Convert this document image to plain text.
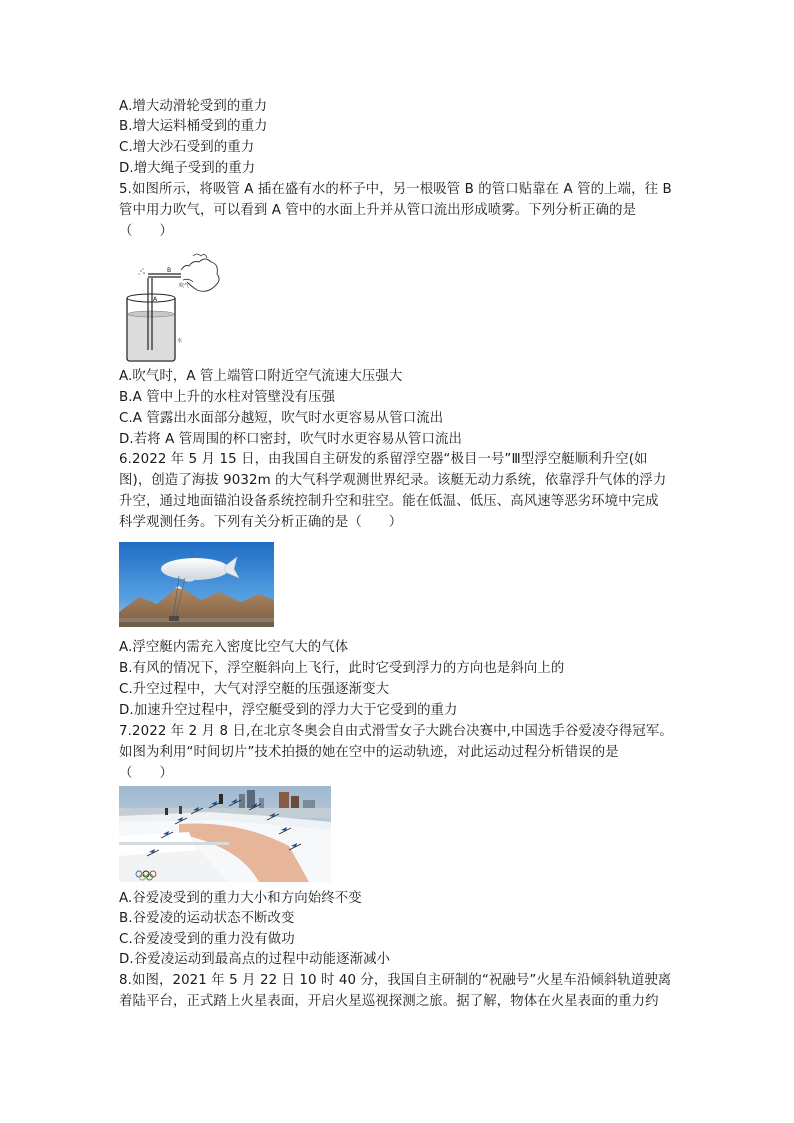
A.增大动滑轮受到的重力
B.增大运料桶受到的重力
C.增大沙石受到的重力
D.增大绳子受到的重力
5.如图所示，将吸管 A 插在盛有水的杯子中，另一根吸管 B 的管口贴靠在 A 管的上端，往 B
管中用力吹气，可以看到 A 管中的水面上升并从管口流出形成喷雾。下列分析正确的是
（　　）
B
A
吹气
水
A.吹气时，A 管上端管口附近空气流速大压强大
B.A 管中上升的水柱对管壁没有压强
C.A 管露出水面部分越短，吹气时水更容易从管口流出
D.若将 A 管周围的杯口密封，吹气时水更容易从管口流出
6.2022 年 5 月 15 日，由我国自主研发的系留浮空器“极目一号”Ⅲ型浮空艇顺利升空(如
图)，创造了海拔 9032m 的大气科学观测世界纪录。该艇无动力系统，依靠浮升气体的浮力
升空，通过地面锚泊设备系统控制升空和驻空。能在低温、低压、高风速等恶劣环境中完成
科学观测任务。下列有关分析正确的是（　　）
A.浮空艇内需充入密度比空气大的气体
B.有风的情况下，浮空艇斜向上飞行，此时它受到浮力的方向也是斜向上的
C.升空过程中，大气对浮空艇的压强逐渐变大
D.加速升空过程中，浮空艇受到的浮力大于它受到的重力
7.2022 年 2 月 8 日,在北京冬奥会自由式滑雪女子大跳台决赛中,中国选手谷爱凌夺得冠军。
如图为利用“时间切片”技术拍摄的她在空中的运动轨迹，对此运动过程分析错误的是
（　　）
A.谷爱凌受到的重力大小和方向始终不变
B.谷爱凌的运动状态不断改变
C.谷爱凌受到的重力没有做功
D.谷爱凌运动到最高点的过程中动能逐渐减小
8.如图，2021 年 5 月 22 日 10 时 40 分，我国自主研制的“祝融号”火星车沿倾斜轨道驶离
着陆平台，正式踏上火星表面，开启火星巡视探测之旅。据了解，物体在火星表面的重力约
